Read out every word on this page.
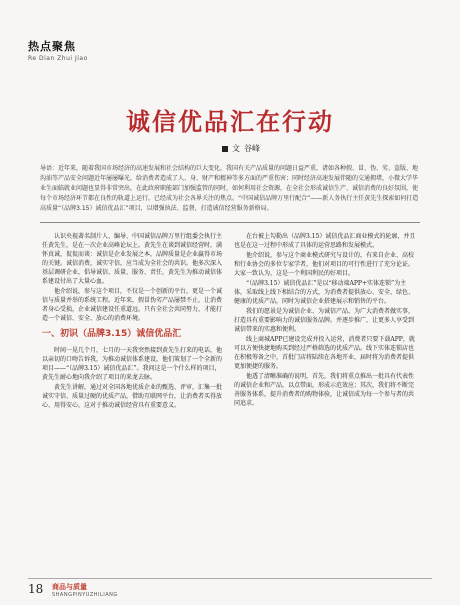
热点聚焦
Re Dian Zhui Jiao
诚信优品汇在行动
文 谷峰
导语：近年来，随着我国市场经济的高速发展和社会结构的巨大变化，我国有关产品质量的问题日益严重，诸如各种假、冒、伪、劣、盗版、地沟油等产品安全问题近年屡屡曝光，给消费者造成了人、身、财产和精神等多方面的严重伤害；同时经济高速发展伴随的交通拥堵，小微大学毕业生面临就业问题也显得非常突出，在此政府职能部门加强监管的同时，如何利用社会资源，在全社会形成诚信生产、诚信消费的良好氛围，使每个市场经济环节都在良性的轨道上运行，已经成为社会各界关注的焦点。“中国诚信品牌万里行配合”——新人务执行主任黄先生探索如何打造高质量“（品牌3.15）诚信优品汇”项目，以增强执法、监督，打造诚信经营服务新格局。

认识央视著名制片人、编导、中国诚信品牌万里行组委会执行主任黄先生，是在一次企业高峰论坛上。黄先生在谈到诚信经营时，满怀真诚，侃侃而谈：诚信是企业发展之本，品牌质量是企业赢得市场的关键。诚信消费，诚实守信，应当成为全社会的共识。他多次深入基层调研企业，倡导诚信、质量、服务、责任，黄先生为推动诚信体系建设付出了大量心血。

他介绍说，参与这个项目，不仅是一个创新的平台，更是一个诚信与质量并举的系统工程。近年来，假冒伪劣产品屡禁不止，让消费者身心受损，企业诚信建设任重道远。只有全社会共同努力，才能打造一个诚信、安全、放心的消费环境。

一、初识（品牌3.15）诚信优品汇

时间一晃几个月，七月的一天我突然接到黄先生打来的电话，他以亲切的口吻告诉我，为推动诚信体系建设，他们策划了一个全新的项目——“（品牌3.15）诚信优品汇”。我问这是一个什么样的项目，黄先生耐心地向我介绍了项目的来龙去脉。

黄先生讲解，通过对全国各地优质企业的甄选、评审，汇集一批诚实守信、质量过硬的优质产品，借助互联网平台，让消费者买得放心、用得安心，这对于推动诚信经营具有重要意义。

在台被上勾勒出（品牌3.15）诚信优品汇商业模式的轮廓，并且也是在这一过程中形成了具体的运营思路和发展模式。

他介绍说，参与这个商业模式研究与设计的，有来自企业、高校和行业协会的多位专家学者，他们对项目的可行性进行了充分论证。大家一致认为，这是一个利国利民的好项目。

“（品牌3.15）诚信优品汇”是以“移动端APP+实体连锁”为主体，采取线上线下相结合的方式，为消费者提供放心、安全、绿色、健康的优质产品，同时为诚信企业搭建展示和销售的平台。

我们的愿景是为诚信企业、为诚信产品、为广大消费者做实事，打造具有重要影响力的诚信服务品牌。并逐步推广，让更多人享受到诚信带来的实惠和便利。

线上商城APP已建设完成并投入运营，消费者只要下载APP，就可以方便快捷地购买到经过严格筛选的优质产品。线下实体连锁店也在积极筹备之中，首批门店将陆续在各地开业，届时将为消费者提供更加便捷的服务。

他透了清晰准确的说明，首先，我们将重点推出一批具有代表性的诚信企业和产品，以点带面，形成示范效应；其次，我们将不断完善服务体系，提升消费者的购物体验，让诚信成为每一个参与者的共同追求。

18 商品与质量
SHANGPINYUZHILIANG
